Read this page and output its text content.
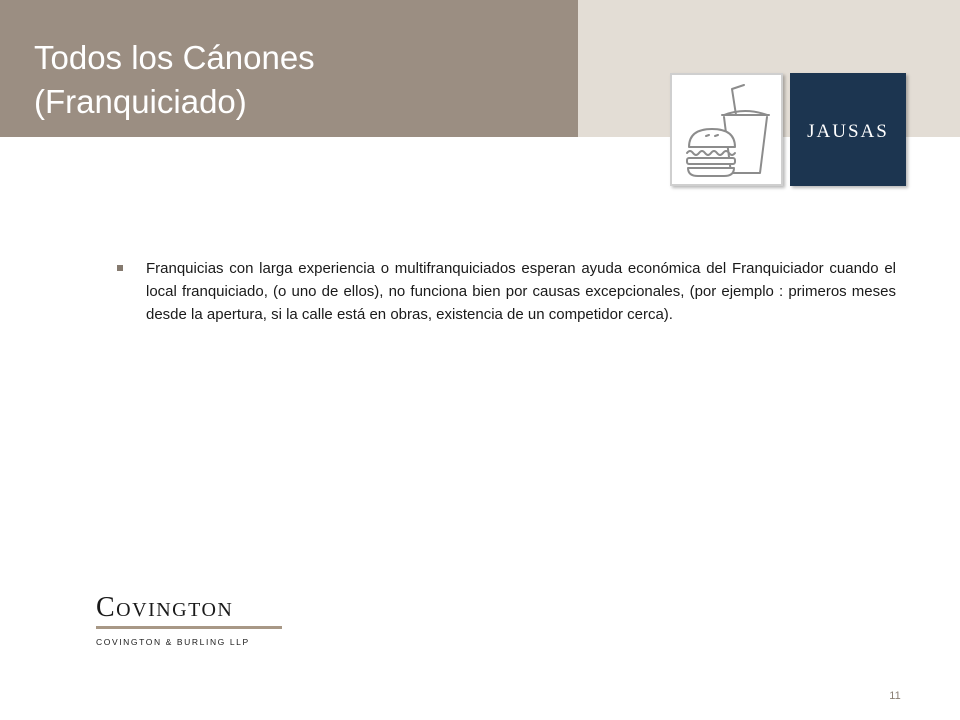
Todos los Cánones
(Franquiciado)
JAUSAS
Franquicias con larga experiencia o multifranquiciados esperan ayuda económica del Franquiciador cuando el local franquiciado, (o uno de ellos), no funciona bien por causas excepcionales, (por ejemplo : primeros meses desde la apertura, si la calle está en obras, existencia de un competidor cerca).
Covington
COVINGTON & BURLING LLP
11
